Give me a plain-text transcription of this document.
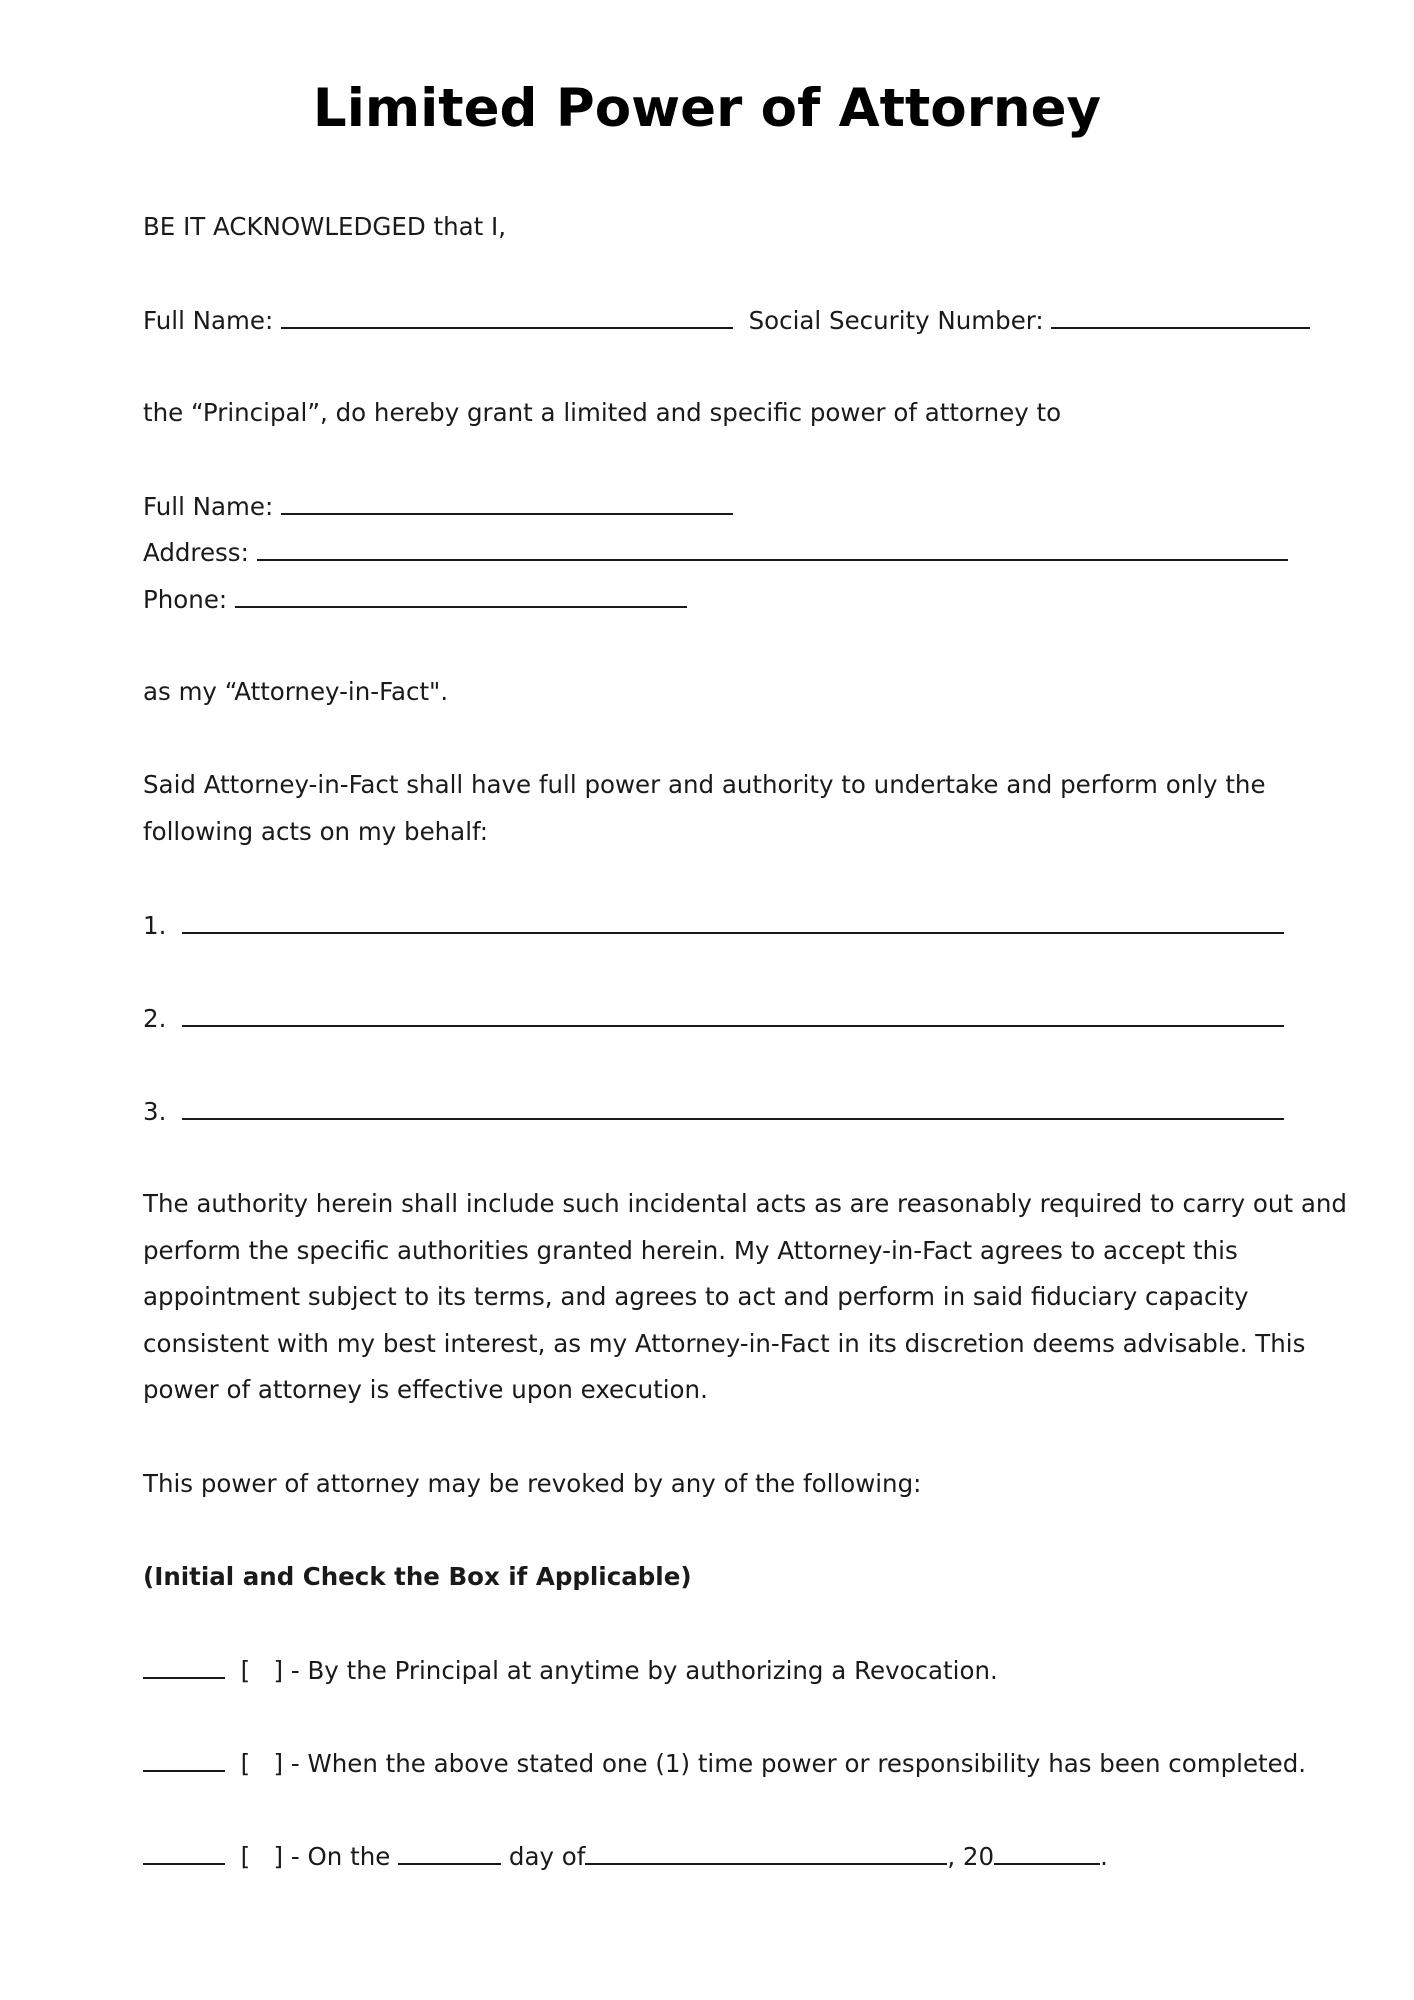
Limited Power of Attorney
BE IT ACKNOWLEDGED that I,
Full Name:	Social Security Number:
the “Principal”, do hereby grant a limited and specific power of attorney to
Full Name:
Address:
Phone:
as my “Attorney-in-Fact".
Said Attorney-in-Fact shall have full power and authority to undertake and perform only the
following acts on my behalf:
1.
2.
3.
The authority herein shall include such incidental acts as are reasonably required to carry out and
perform the specific authorities granted herein. My Attorney-in-Fact agrees to accept this
appointment subject to its terms, and agrees to act and perform in said fiduciary capacity
consistent with my best interest, as my Attorney-in-Fact in its discretion deems advisable. This
power of attorney is effective upon execution.
This power of attorney may be revoked by any of the following:
(Initial and Check the Box if Applicable)
[   ] - By the Principal at anytime by authorizing a Revocation.
[   ] - When the above stated one (1) time power or responsibility has been completed.
[   ] - On the	day of	, 20	.
